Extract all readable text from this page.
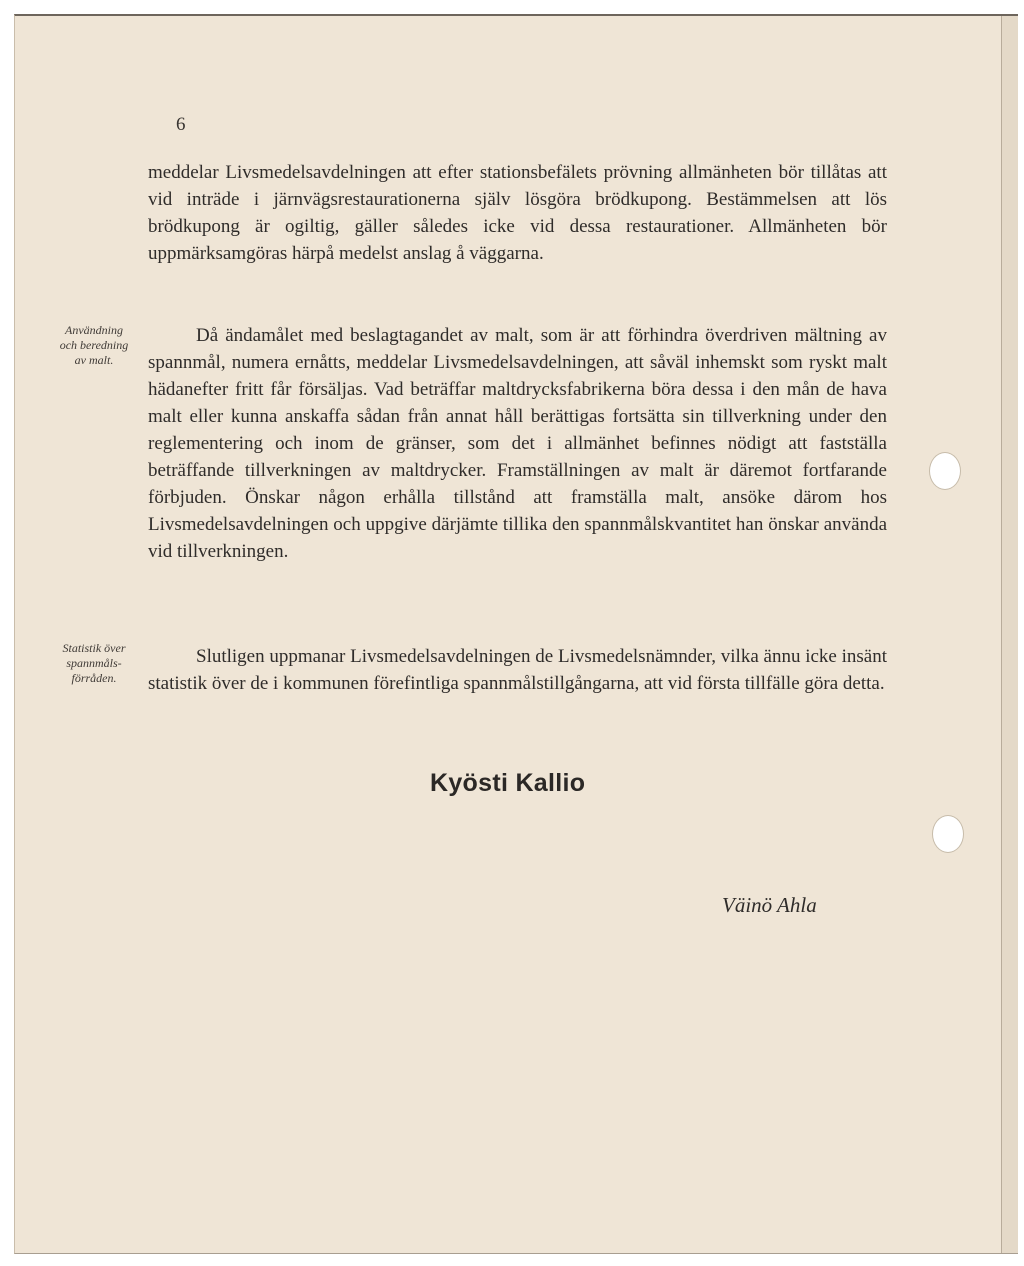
6

meddelar Livsmedelsavdelningen att efter stationsbefälets prövning allmänheten bör tillåtas att vid inträde i järnvägsrestaurationerna själv lösgöra brödkupong. Bestämmelsen att lös brödkupong är ogiltig, gäller således icke vid dessa restaurationer. Allmänheten bör uppmärksamgöras härpå medelst anslag å väggarna.

Användning
och beredning
av malt.

Då ändamålet med beslagtagandet av malt, som är att förhindra överdriven mältning av spannmål, numera ernåtts, meddelar Livsmedelsavdelningen, att såväl inhemskt som ryskt malt hädanefter fritt får försäljas. Vad beträffar maltdrycksfabrikerna böra dessa i den mån de hava malt eller kunna anskaffa sådan från annat håll berättigas fortsätta sin tillverkning under den reglementering och inom de gränser, som det i allmänhet befinnes nödigt att fastställa beträffande tillverkningen av maltdrycker. Framställningen av malt är däremot fortfarande förbjuden. Önskar någon erhålla tillstånd att framställa malt, ansöke därom hos Livsmedelsavdelningen och uppgive därjämte tillika den spannmålskvantitet han önskar använda vid tillverkningen.

Statistik över
spannmåls-
förråden.

Slutligen uppmanar Livsmedelsavdelningen de Livsmedelsnämnder, vilka ännu icke insänt statistik över de i kommunen förefintliga spannmålstillgångarna, att vid första tillfälle göra detta.

Kyösti Kallio
Väinö Ahla
